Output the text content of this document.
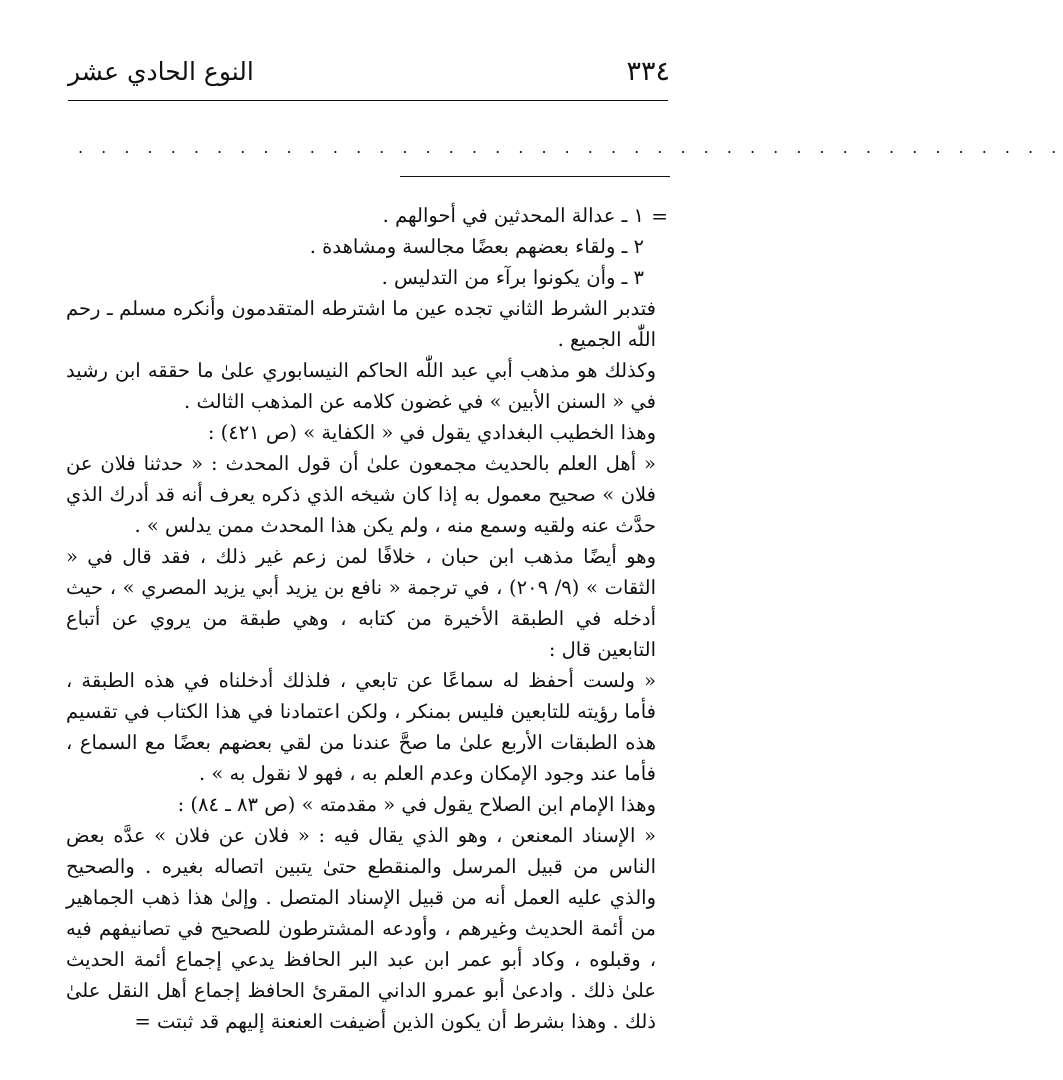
٣٣٤
النوع الحادي عشر
. . . . . . . . . . . . . . . . . . . . . . . . . . . . . . . . . . . . . . . . . . .
=

١ ـ عدالة المحدثين في أحوالهم .

٢ ـ ولقاء بعضهم بعضًا مجالسة ومشاهدة .

٣ ـ وأن يكونوا برآء من التدليس .

فتدبر الشرط الثاني تجده عين ما اشترطه المتقدمون وأنكره مسلم ـ رحم اللّٰه الجميع .

وكذلك هو مذهب أبي عبد اللّٰه الحاكم النيسابوري علىٰ ما حققه ابن رشيد في « السنن الأبين » في غضون كلامه عن المذهب الثالث .

وهذا الخطيب البغدادي يقول في « الكفاية » (ص ٤٢١) :

« أهل العلم بالحديث مجمعون علىٰ أن قول المحدث : « حدثنا فلان عن فلان » صحيح معمول به إذا كان شيخه الذي ذكره يعرف أنه قد أدرك الذي حدَّث عنه ولقيه وسمع منه ، ولم يكن هذا المحدث ممن يدلس » .

وهو أيضًا مذهب ابن حبان ، خلافًا لمن زعم غير ذلك ، فقد قال في « الثقات » (٩/ ٢٠٩) ، في ترجمة « نافع بن يزيد أبي يزيد المصري » ، حيث أدخله في الطبقة الأخيرة من كتابه ، وهي طبقة من يروي عن أتباع التابعين قال :

« ولست أحفظ له سماعًا عن تابعي ، فلذلك أدخلناه في هذه الطبقة ، فأما رؤيته للتابعين فليس بمنكر ، ولكن اعتمادنا في هذا الكتاب في تقسيم هذه الطبقات الأربع علىٰ ما صحَّ عندنا من لقي بعضهم بعضًا مع السماع ، فأما عند وجود الإمكان وعدم العلم به ، فهو لا نقول به » .

وهذا الإمام ابن الصلاح يقول في « مقدمته » (ص ٨٣ ـ ٨٤) :

« الإسناد المعنعن ، وهو الذي يقال فيه : « فلان عن فلان » عدَّه بعض الناس من قبيل المرسل والمنقطع حتىٰ يتبين اتصاله بغيره . والصحيح والذي عليه العمل أنه من قبيل الإسناد المتصل . وإلىٰ هذا ذهب الجماهير من أئمة الحديث وغيرهم ، وأودعه المشترطون للصحيح في تصانيفهم فيه ، وقبلوه ، وكاد أبو عمر ابن عبد البر الحافظ يدعي إجماع أئمة الحديث علىٰ ذلك . وادعىٰ أبو عمرو الداني المقرئ الحافظ إجماع أهل النقل علىٰ ذلك . وهذا بشرط أن يكون الذين أضيفت العنعنة إليهم قد ثبتت =
